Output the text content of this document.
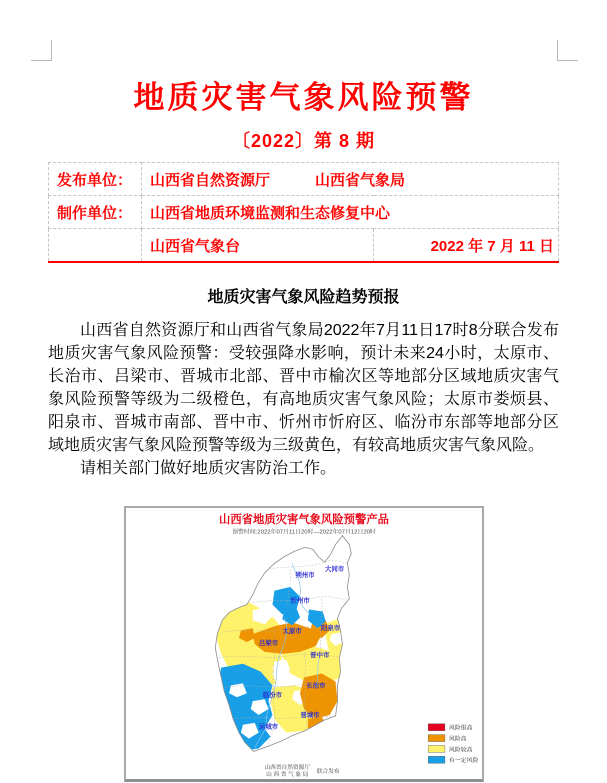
地质灾害气象风险预警
〔2022〕第 8 期
发布单位：	山西省自然资源厅　　　山西省气象局	
制作单位：	山西省地质环境监测和生态修复中心	
	山西省气象台	2022 年 7 月 11 日
地质灾害气象风险趋势预报

山西省自然资源厅和山西省气象局2022年7月11日17时8分联合发布地质灾害气象风险预警：受较强降水影响，预计未来24小时，太原市、长治市、吕梁市、晋城市北部、晋中市榆次区等地部分区域地质灾害气象风险预警等级为二级橙色，有高地质灾害气象风险；太原市娄烦县、阳泉市、晋城市南部、晋中市、忻州市忻府区、临汾市东部等地部分区域地质灾害气象风险预警等级为三级黄色，有较高地质灾害气象风险。

请相关部门做好地质灾害防治工作。

山西省地质灾害气象风险预警产品
预警时间:2022年07月11日20时—2022年07月12日20时
大同市
朔州市
忻州市
太原市	阳泉市
吕梁市
晋中市
长治市
临汾市
晋城市
运城市	风险很高
风险高
风险较高
有一定风险
山西省自然资源厅
山 西 省 气 象 局 联合发布
